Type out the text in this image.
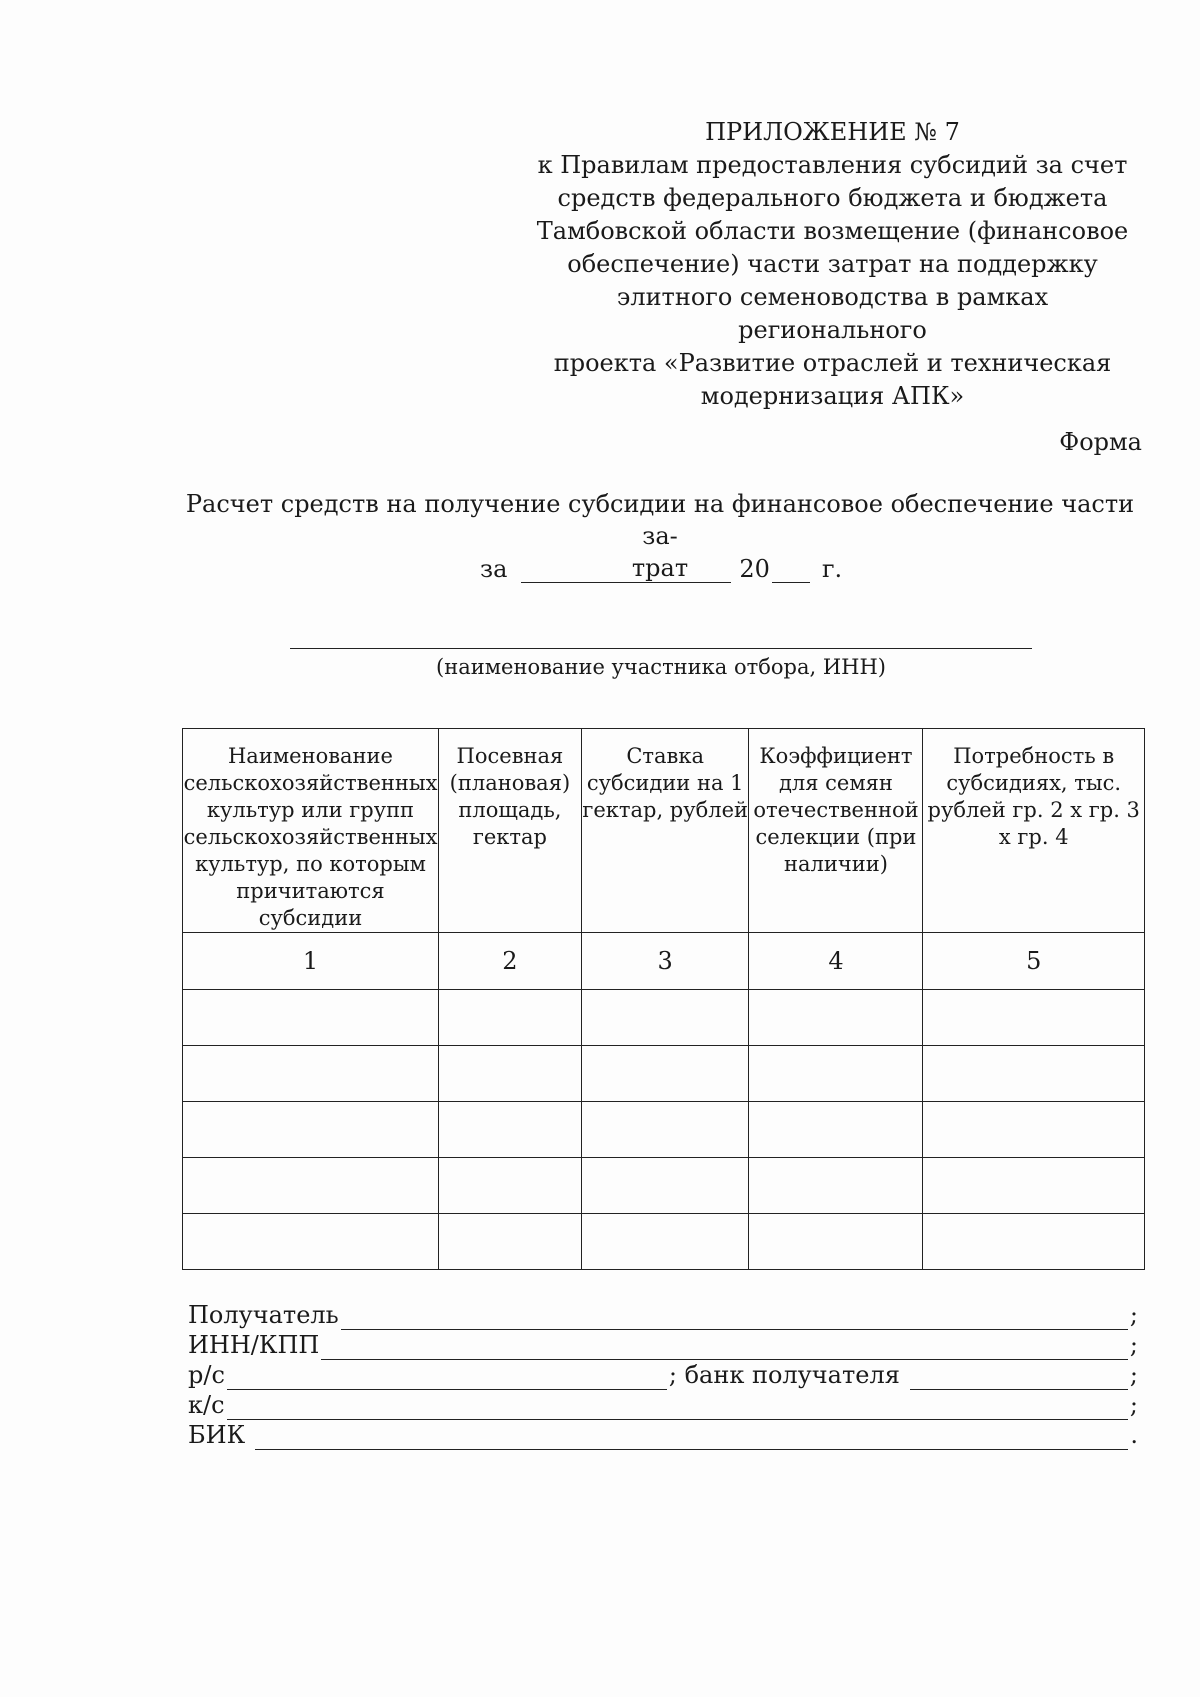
ПРИЛОЖЕНИЕ № 7
к Правилам предоставления субсидий за счет
средств федерального бюджета и бюджета
Тамбовской области возмещение (финансовое
обеспечение) части затрат на поддержку
элитного семеноводства в рамках регионального
проекта «Развитие отраслей и техническая
модернизация АПК»
Форма
Расчет средств на получение субсидии на финансовое обеспечение части за-
трат
за	20 г.
(наименование участника отбора, ИНН)
Наименование сельскохозяйственных культур или групп сельскохозяйственных культур, по которым причитаются субсидии	Посевная (плановая) площадь, гектар	Ставка субсидии на 1 гектар, рублей	Коэффициент для семян отечественной селекции (при наличии)	Потребность в субсидиях, тыс. рублей гр. 2 х гр. 3 х гр. 4
1	2	3	4	5

Получатель	;
ИНН/КПП	;
р/с	; банк получателя	;
к/с	;
БИК	.
